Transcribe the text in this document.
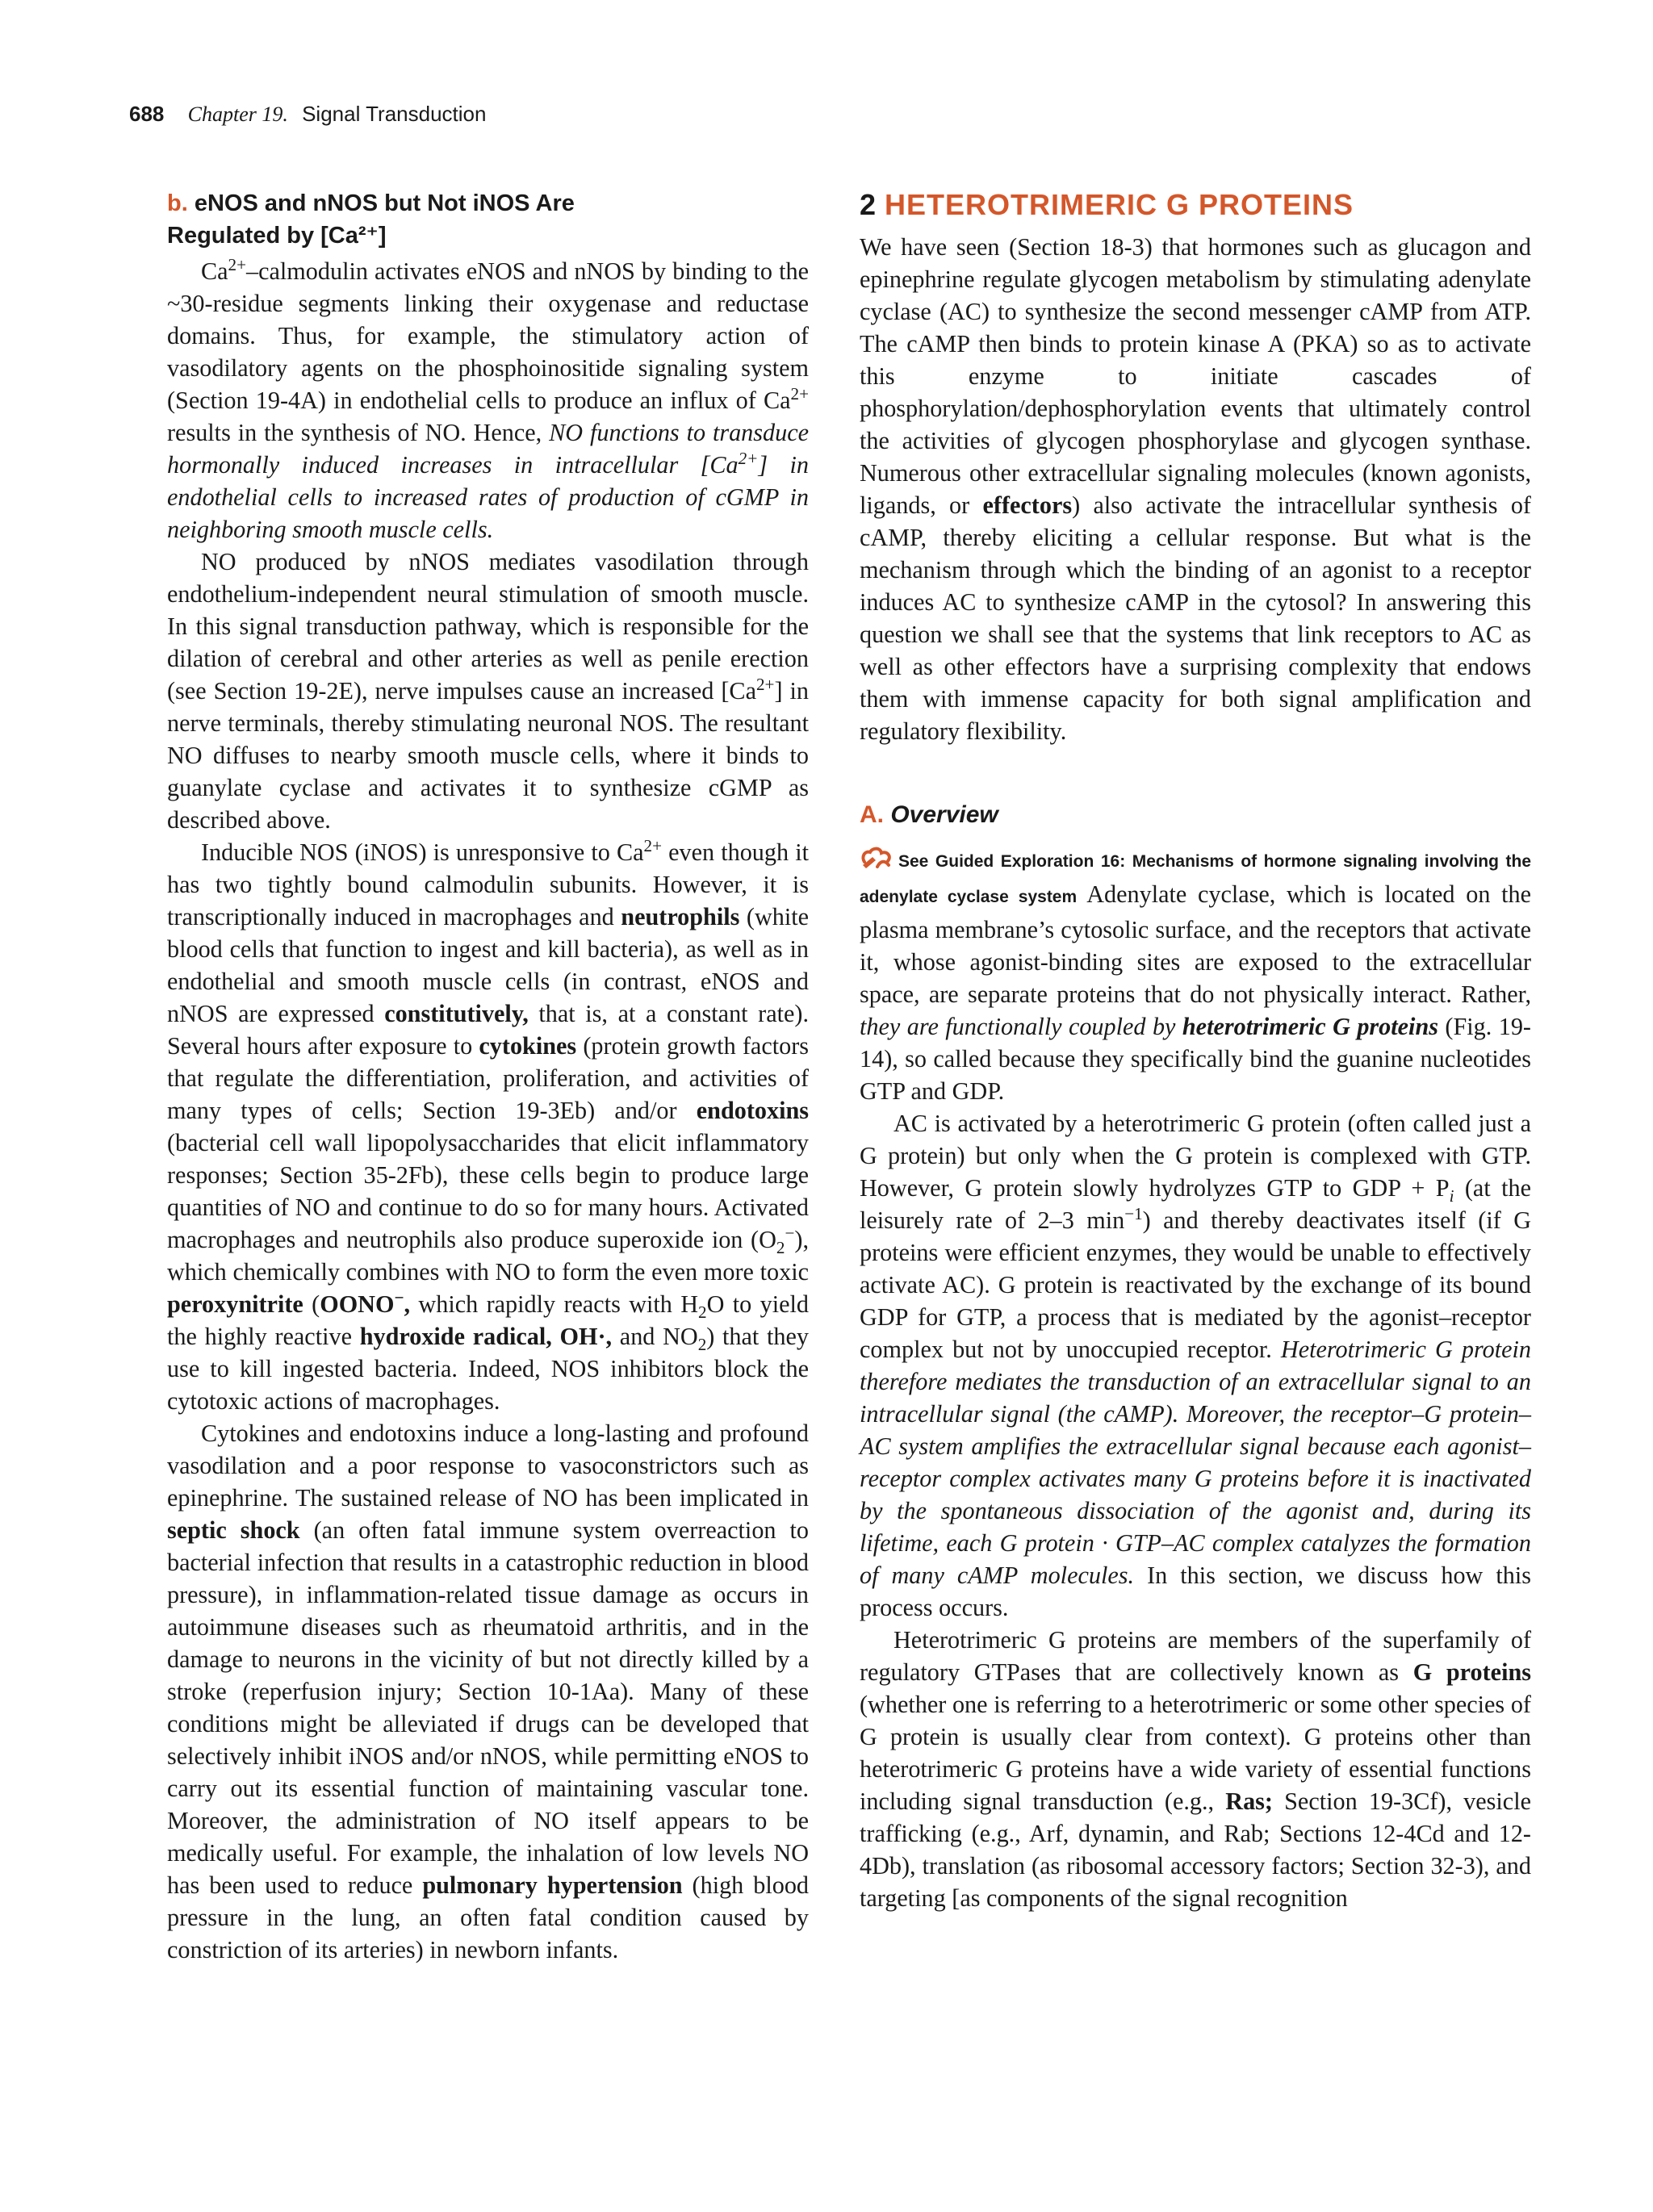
688 Chapter 19. Signal Transduction
b. eNOS and nNOS but Not iNOS Are
Regulated by [Ca²⁺]

$Ca^{2+}$–calmodulin activates eNOS and nNOS by binding to the ~30-residue segments linking their oxygenase and reductase domains. Thus, for example, the stimulatory action of vasodilatory agents on the phosphoinositide signaling system (Section 19-4A) in endothelial cells to produce an influx of $Ca^{2+}$ results in the synthesis of NO. Hence, NO functions to transduce hormonally induced increases in intracellular $[Ca^{2+}]$ in endothelial cells to increased rates of production of cGMP in neighboring smooth muscle cells.

NO produced by nNOS mediates vasodilation through endothelium-independent neural stimulation of smooth muscle. In this signal transduction pathway, which is responsible for the dilation of cerebral and other arteries as well as penile erection (see Section 19-2E), nerve impulses cause an increased $[Ca^{2+}]$ in nerve terminals, thereby stimulating neuronal NOS. The resultant NO diffuses to nearby smooth muscle cells, where it binds to guanylate cyclase and activates it to synthesize cGMP as described above.

Inducible NOS (iNOS) is unresponsive to $Ca^{2+}$ even though it has two tightly bound calmodulin subunits. However, it is transcriptionally induced in macrophages and neutrophils (white blood cells that function to ingest and kill bacteria), as well as in endothelial and smooth muscle cells (in contrast, eNOS and nNOS are expressed constitutively, that is, at a constant rate). Several hours after exposure to cytokines (protein growth factors that regulate the differentiation, proliferation, and activities of many types of cells; Section 19-3Eb) and/or endotoxins (bacterial cell wall lipopolysaccharides that elicit inflammatory responses; Section 35-2Fb), these cells begin to produce large quantities of NO and continue to do so for many hours. Activated macrophages and neutrophils also produce superoxide ion $(O_2^-)$, which chemically combines with NO to form the even more toxic peroxynitrite (OONO−, which rapidly reacts with $H_2O$ to yield the highly reactive hydroxide radical, OH·, and $NO_2$) that they use to kill ingested bacteria. Indeed, NOS inhibitors block the cytotoxic actions of macrophages.

Cytokines and endotoxins induce a long-lasting and profound vasodilation and a poor response to vasoconstrictors such as epinephrine. The sustained release of NO has been implicated in septic shock (an often fatal immune system overreaction to bacterial infection that results in a catastrophic reduction in blood pressure), in inflammation-related tissue damage as occurs in autoimmune diseases such as rheumatoid arthritis, and in the damage to neurons in the vicinity of but not directly killed by a stroke (reperfusion injury; Section 10-1Aa). Many of these conditions might be alleviated if drugs can be developed that selectively inhibit iNOS and/or nNOS, while permitting eNOS to carry out its essential function of maintaining vascular tone. Moreover, the administration of NO itself appears to be medically useful. For example, the inhalation of low levels NO has been used to reduce pulmonary hypertension (high blood pressure in the lung, an often fatal condition caused by constriction of its arteries) in newborn infants.

2 HETEROTRIMERIC G PROTEINS

We have seen (Section 18-3) that hormones such as glucagon and epinephrine regulate glycogen metabolism by stimulating adenylate cyclase (AC) to synthesize the second messenger cAMP from ATP. The cAMP then binds to protein kinase A (PKA) so as to activate this enzyme to initiate cascades of phosphorylation/dephosphorylation events that ultimately control the activities of glycogen phosphorylase and glycogen synthase. Numerous other extracellular signaling molecules (known agonists, ligands, or effectors) also activate the intracellular synthesis of cAMP, thereby eliciting a cellular response. But what is the mechanism through which the binding of an agonist to a receptor induces AC to synthesize cAMP in the cytosol? In answering this question we shall see that the systems that link receptors to AC as well as other effectors have a surprising complexity that endows them with immense capacity for both signal amplification and regulatory flexibility.

A. Overview

See Guided Exploration 16: Mechanisms of hormone signaling involving the adenylate cyclase system Adenylate cyclase, which is located on the plasma membrane’s cytosolic surface, and the receptors that activate it, whose agonist-binding sites are exposed to the extracellular space, are separate proteins that do not physically interact. Rather, they are functionally coupled by heterotrimeric G proteins (Fig. 19-14), so called because they specifically bind the guanine nucleotides GTP and GDP.

AC is activated by a heterotrimeric G protein (often called just a G protein) but only when the G protein is complexed with GTP. However, G protein slowly hydrolyzes GTP to GDP + $P_i$ (at the leisurely rate of 2–3 $\min^{-1}$) and thereby deactivates itself (if G proteins were efficient enzymes, they would be unable to effectively activate AC). G protein is reactivated by the exchange of its bound GDP for GTP, a process that is mediated by the agonist–receptor complex but not by unoccupied receptor. Heterotrimeric G protein therefore mediates the transduction of an extracellular signal to an intracellular signal (the cAMP). Moreover, the receptor–G protein–AC system amplifies the extracellular signal because each agonist–receptor complex activates many G proteins before it is inactivated by the spontaneous dissociation of the agonist and, during its lifetime, each G protein · GTP–AC complex catalyzes the formation of many cAMP molecules. In this section, we discuss how this process occurs.

Heterotrimeric G proteins are members of the superfamily of regulatory GTPases that are collectively known as G proteins (whether one is referring to a heterotrimeric or some other species of G protein is usually clear from context). G proteins other than heterotrimeric G proteins have a wide variety of essential functions including signal transduction (e.g., Ras; Section 19-3Cf), vesicle trafficking (e.g., Arf, dynamin, and Rab; Sections 12-4Cd and 12-4Db), translation (as ribosomal accessory factors; Section 32-3), and targeting [as components of the signal recognition
